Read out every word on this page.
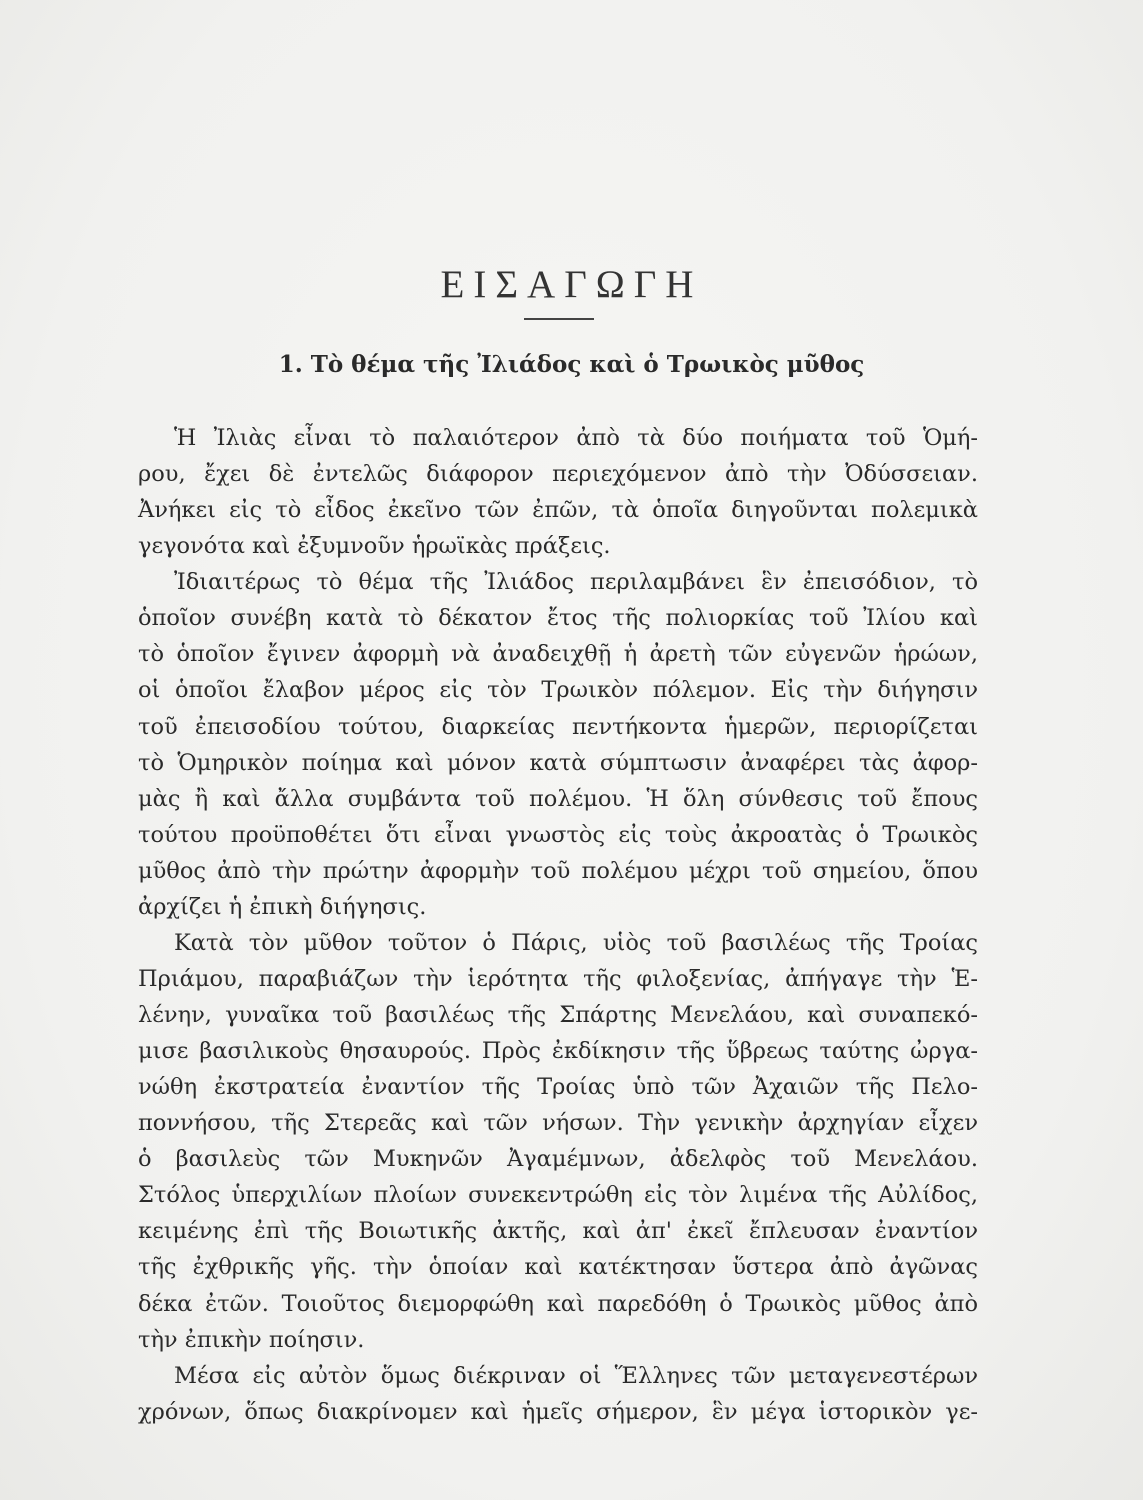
ΕΙΣΑΓΩΓΗ
1. Τὸ θέμα τῆς Ἰλιάδος καὶ ὁ Τρωικὸς μῦθος
Ἡ Ἰλιὰς εἶναι τὸ παλαιότερον ἀπὸ τὰ δύο ποιήματα τοῦ Ὁμή-
ρου, ἔχει δὲ ἐντελῶς διάφορον περιεχόμενον ἀπὸ τὴν Ὀδύσσειαν.
Ἀνήκει εἰς τὸ εἶδος ἐκεῖνο τῶν ἐπῶν, τὰ ὁποῖα διηγοῦνται πολεμικὰ
γεγονότα καὶ ἐξυμνοῦν ἡρωϊκὰς πράξεις.
Ἰδιαιτέρως τὸ θέμα τῆς Ἰλιάδος περιλαμβάνει ἓν ἐπεισόδιον, τὸ
ὁποῖον συνέβη κατὰ τὸ δέκατον ἔτος τῆς πολιορκίας τοῦ Ἰλίου καὶ
τὸ ὁποῖον ἔγινεν ἀφορμὴ νὰ ἀναδειχθῇ ἡ ἀρετὴ τῶν εὐγενῶν ἡρώων,
οἱ ὁποῖοι ἔλαβον μέρος εἰς τὸν Τρωικὸν πόλεμον. Εἰς τὴν διήγησιν
τοῦ ἐπεισοδίου τούτου, διαρκείας πεντήκοντα ἡμερῶν, περιορίζεται
τὸ Ὁμηρικὸν ποίημα καὶ μόνον κατὰ σύμπτωσιν ἀναφέρει τὰς ἀφορ-
μὰς ἢ καὶ ἄλλα συμβάντα τοῦ πολέμου. Ἡ ὅλη σύνθεσις τοῦ ἔπους
τούτου προϋποθέτει ὅτι εἶναι γνωστὸς εἰς τοὺς ἀκροατὰς ὁ Τρωικὸς
μῦθος ἀπὸ τὴν πρώτην ἀφορμὴν τοῦ πολέμου μέχρι τοῦ σημείου, ὅπου
ἀρχίζει ἡ ἐπικὴ διήγησις.
Κατὰ τὸν μῦθον τοῦτον ὁ Πάρις, υἱὸς τοῦ βασιλέως τῆς Τροίας
Πριάμου, παραβιάζων τὴν ἱερότητα τῆς φιλοξενίας, ἀπήγαγε τὴν Ἑ-
λένην, γυναῖκα τοῦ βασιλέως τῆς Σπάρτης Μενελάου, καὶ συναπεκό-
μισε βασιλικοὺς θησαυρούς. Πρὸς ἐκδίκησιν τῆς ὕβρεως ταύτης ὠργα-
νώθη ἐκστρατεία ἐναντίον τῆς Τροίας ὑπὸ τῶν Ἀχαιῶν τῆς Πελο-
ποννήσου, τῆς Στερεᾶς καὶ τῶν νήσων. Τὴν γενικὴν ἀρχηγίαν εἶχεν
ὁ βασιλεὺς τῶν Μυκηνῶν Ἀγαμέμνων, ἀδελφὸς τοῦ Μενελάου.
Στόλος ὑπερχιλίων πλοίων συνεκεντρώθη εἰς τὸν λιμένα τῆς Αὐλίδος,
κειμένης ἐπὶ τῆς Βοιωτικῆς ἀκτῆς, καὶ ἀπ' ἐκεῖ ἔπλευσαν ἐναντίον
τῆς ἐχθρικῆς γῆς. τὴν ὁποίαν καὶ κατέκτησαν ὕστερα ἀπὸ ἀγῶνας
δέκα ἐτῶν. Τοιοῦτος διεμορφώθη καὶ παρεδόθη ὁ Τρωικὸς μῦθος ἀπὸ
τὴν ἐπικὴν ποίησιν.
Μέσα εἰς αὐτὸν ὅμως διέκριναν οἱ Ἕλληνες τῶν μεταγενεστέρων
χρόνων, ὅπως διακρίνομεν καὶ ἡμεῖς σήμερον, ἓν μέγα ἱστορικὸν γε-
